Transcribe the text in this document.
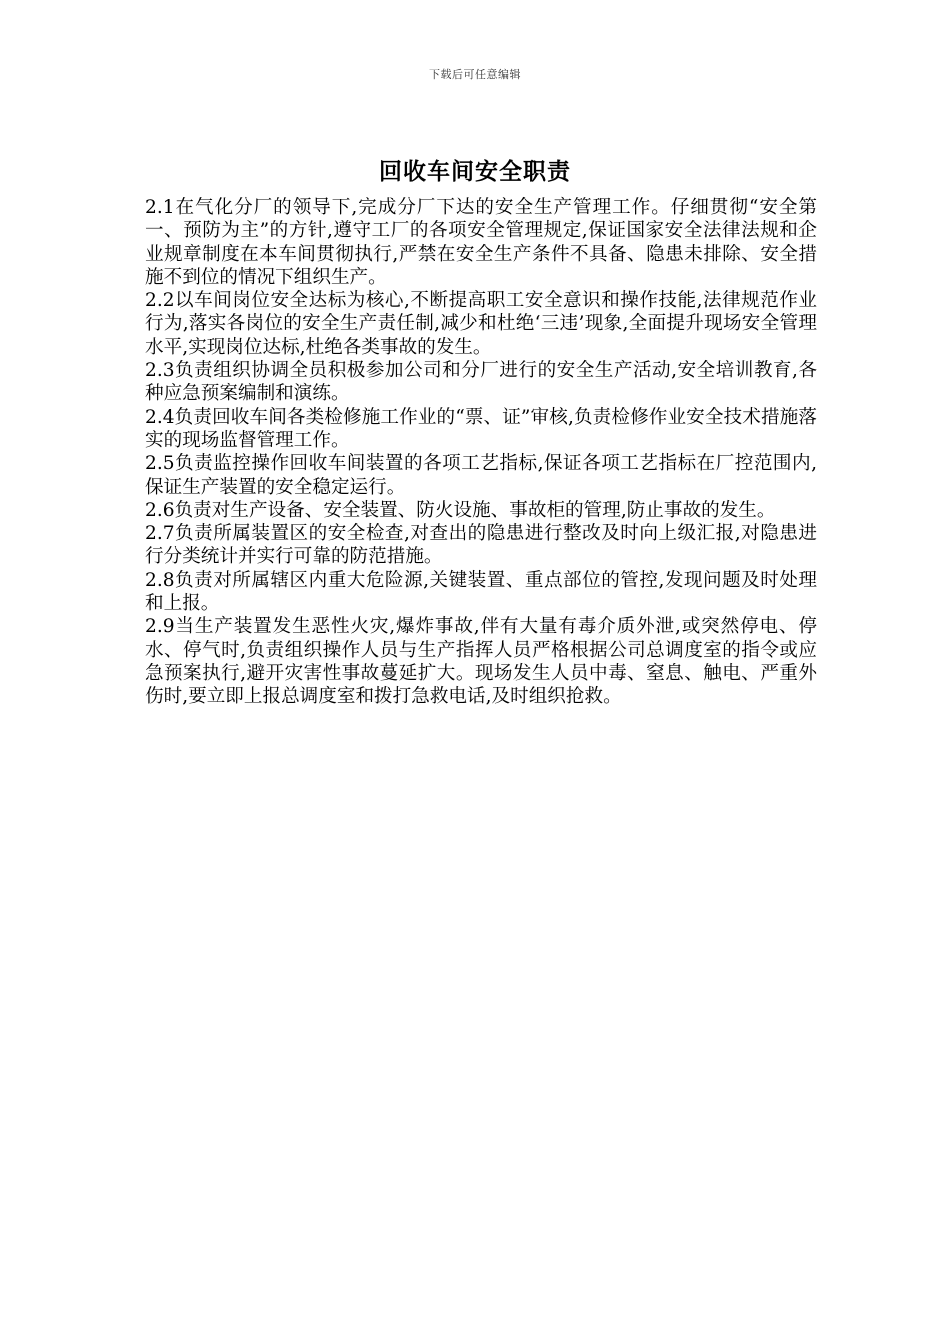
下载后可任意编辑
回收车间安全职责

2.1在气化分厂的领导下,完成分厂下达的安全生产管理工作。仔细贯彻“安全第一、预防为主”的方针,遵守工厂的各项安全管理规定,保证国家安全法律法规和企业规章制度在本车间贯彻执行,严禁在安全生产条件不具备、隐患未排除、安全措施不到位的情况下组织生产。

2.2以车间岗位安全达标为核心,不断提高职工安全意识和操作技能,法律规范作业行为,落实各岗位的安全生产责任制,减少和杜绝‘三违’现象,全面提升现场安全管理水平,实现岗位达标,杜绝各类事故的发生。

2.3负责组织协调全员积极参加公司和分厂进行的安全生产活动,安全培训教育,各种应急预案编制和演练。

2.4负责回收车间各类检修施工作业的“票、证”审核,负责检修作业安全技术措施落实的现场监督管理工作。

2.5负责监控操作回收车间装置的各项工艺指标,保证各项工艺指标在厂控范围内,保证生产装置的安全稳定运行。

2.6负责对生产设备、安全装置、防火设施、事故柜的管理,防止事故的发生。

2.7负责所属装置区的安全检查,对查出的隐患进行整改及时向上级汇报,对隐患进行分类统计并实行可靠的防范措施。

2.8负责对所属辖区内重大危险源,关键装置、重点部位的管控,发现问题及时处理和上报。

2.9当生产装置发生恶性火灾,爆炸事故,伴有大量有毒介质外泄,或突然停电、停水、停气时,负责组织操作人员与生产指挥人员严格根据公司总调度室的指令或应急预案执行,避开灾害性事故蔓延扩大。现场发生人员中毒、窒息、触电、严重外伤时,要立即上报总调度室和拨打急救电话,及时组织抢救。
